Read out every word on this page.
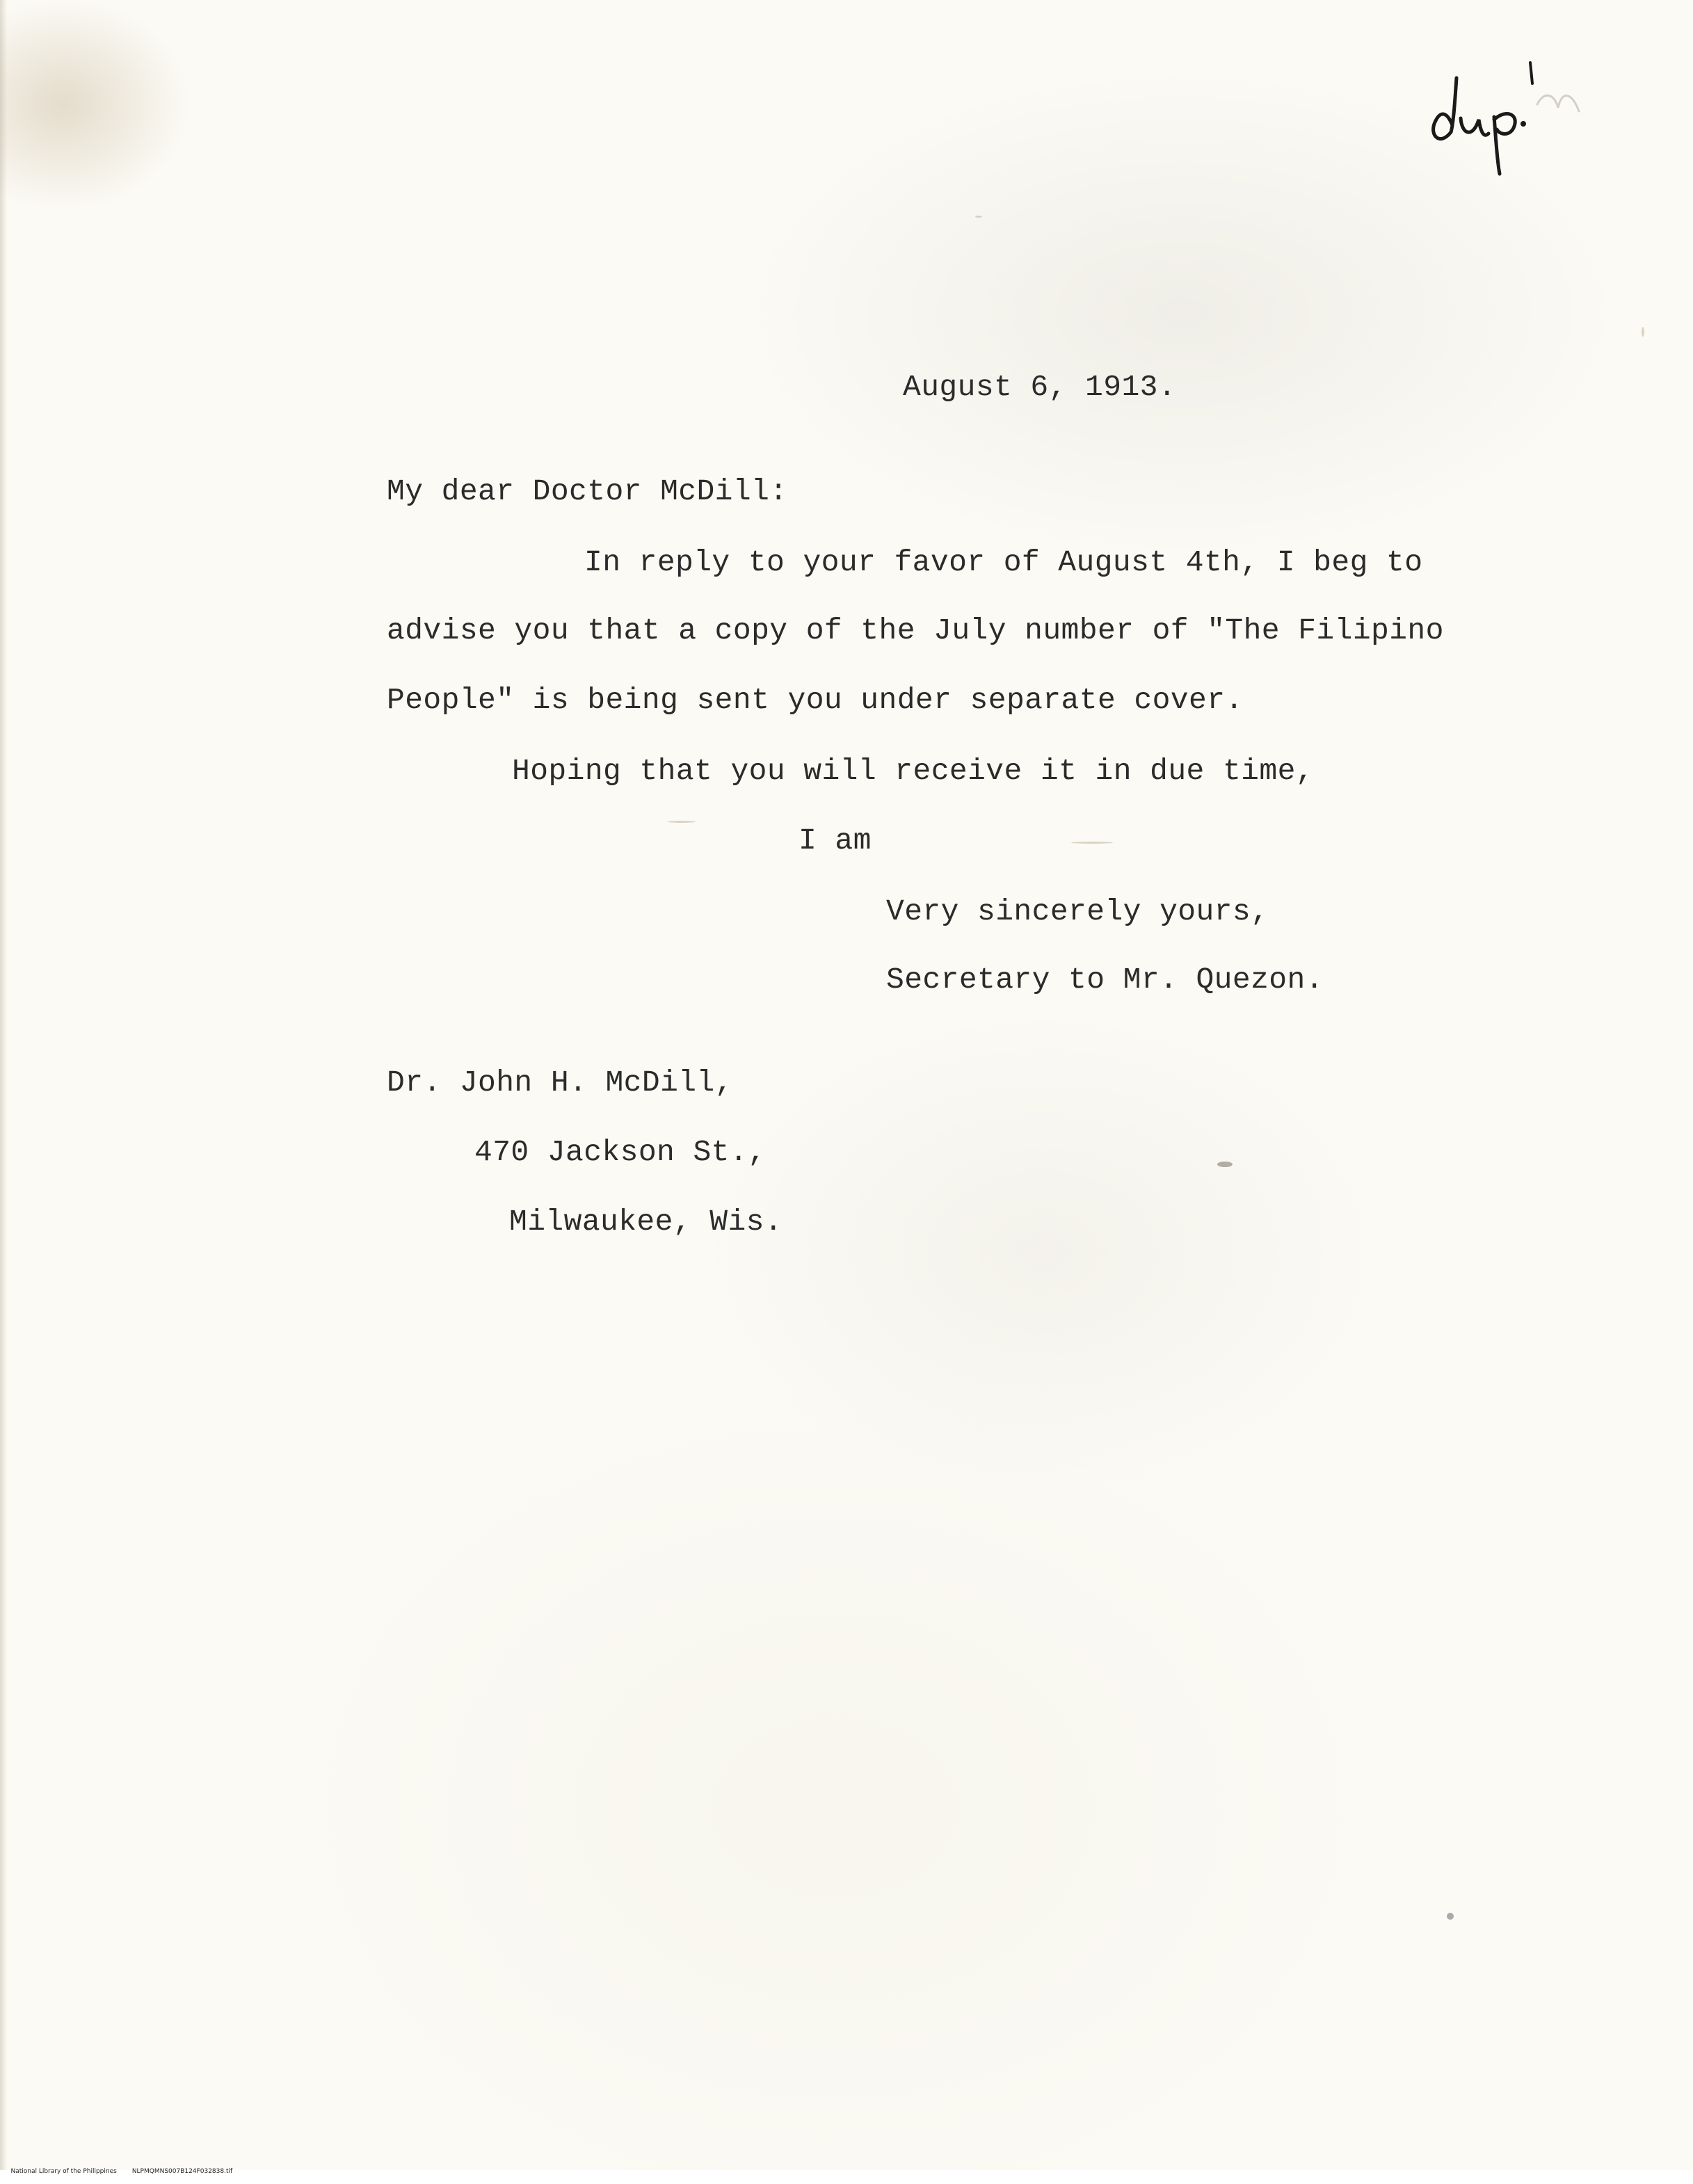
August 6, 1913.

My dear Doctor McDill:

In reply to your favor of August 4th, I beg to

advise you that a copy of the July number of "The Filipino

People" is being sent you under separate cover.

Hoping that you will receive it in due time,

I am

Very sincerely yours,

Secretary to Mr. Quezon.

Dr. John H. McDill,

470 Jackson St.,

Milwaukee, Wis.

National Library of the Philippines NLPMQMNS007B124F032838.tif
